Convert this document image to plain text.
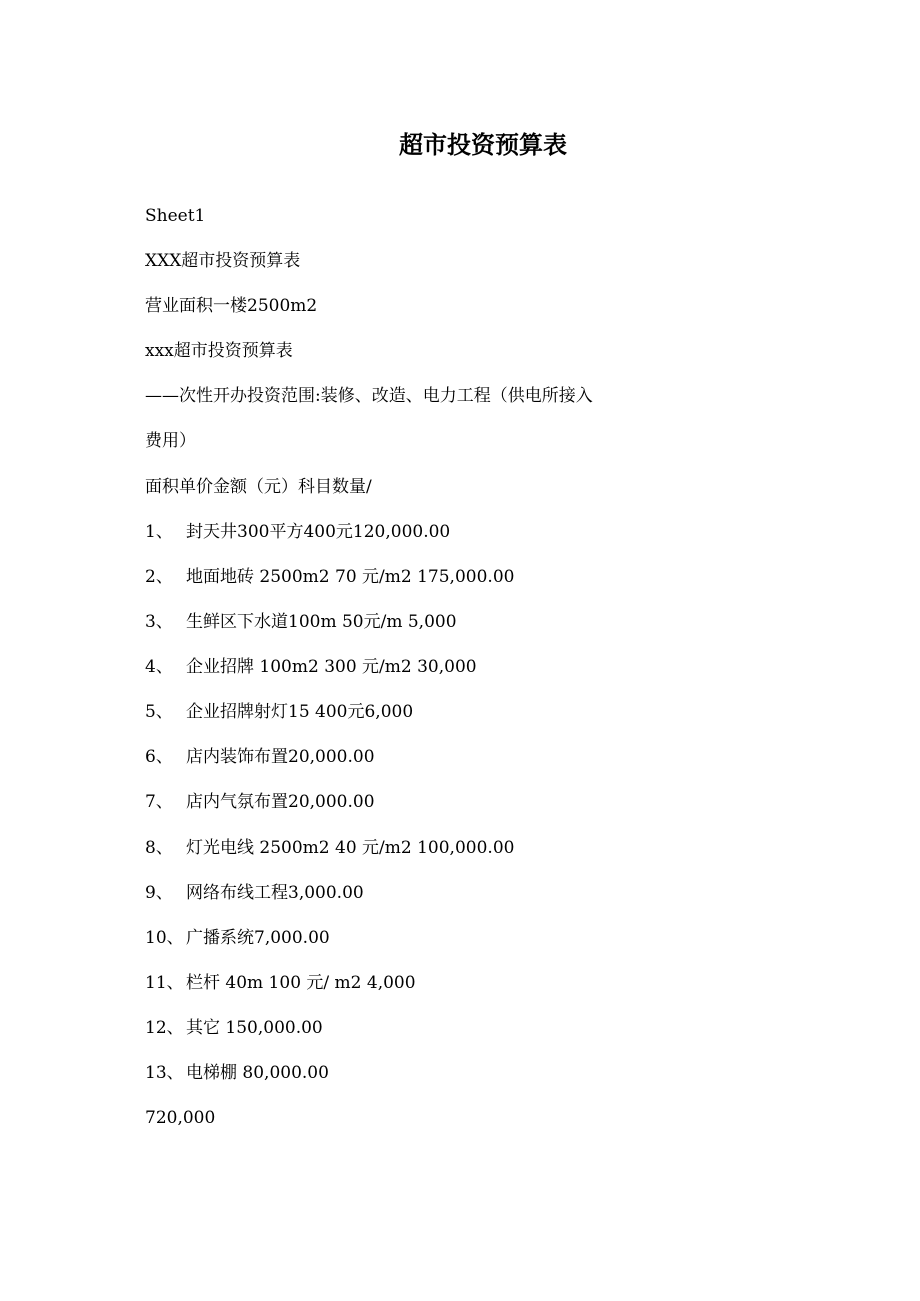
超市投资预算表

Sheet1

XXX超市投资预算表

营业面积一楼2500m2

xxx超市投资预算表

——次性开办投资范围:装修、改造、电力工程（供电所接入

费用）

面积单价金额（元）科目数量/

1、 封天井300平方400元120,000.00

2、 地面地砖 2500m2 70 元/m2 175,000.00

3、 生鲜区下水道100m 50元/m 5,000

4、 企业招牌 100m2 300 元/m2 30,000

5、 企业招牌射灯15 400元6,000

6、 店内装饰布置20,000.00

7、 店内气氛布置20,000.00

8、 灯光电线 2500m2 40 元/m2 100,000.00

9、 网络布线工程3,000.00

10、 广播系统7,000.00

11、 栏杆 40m 100 元/ m2 4,000

12、 其它 150,000.00

13、 电梯棚 80,000.00

720,000
